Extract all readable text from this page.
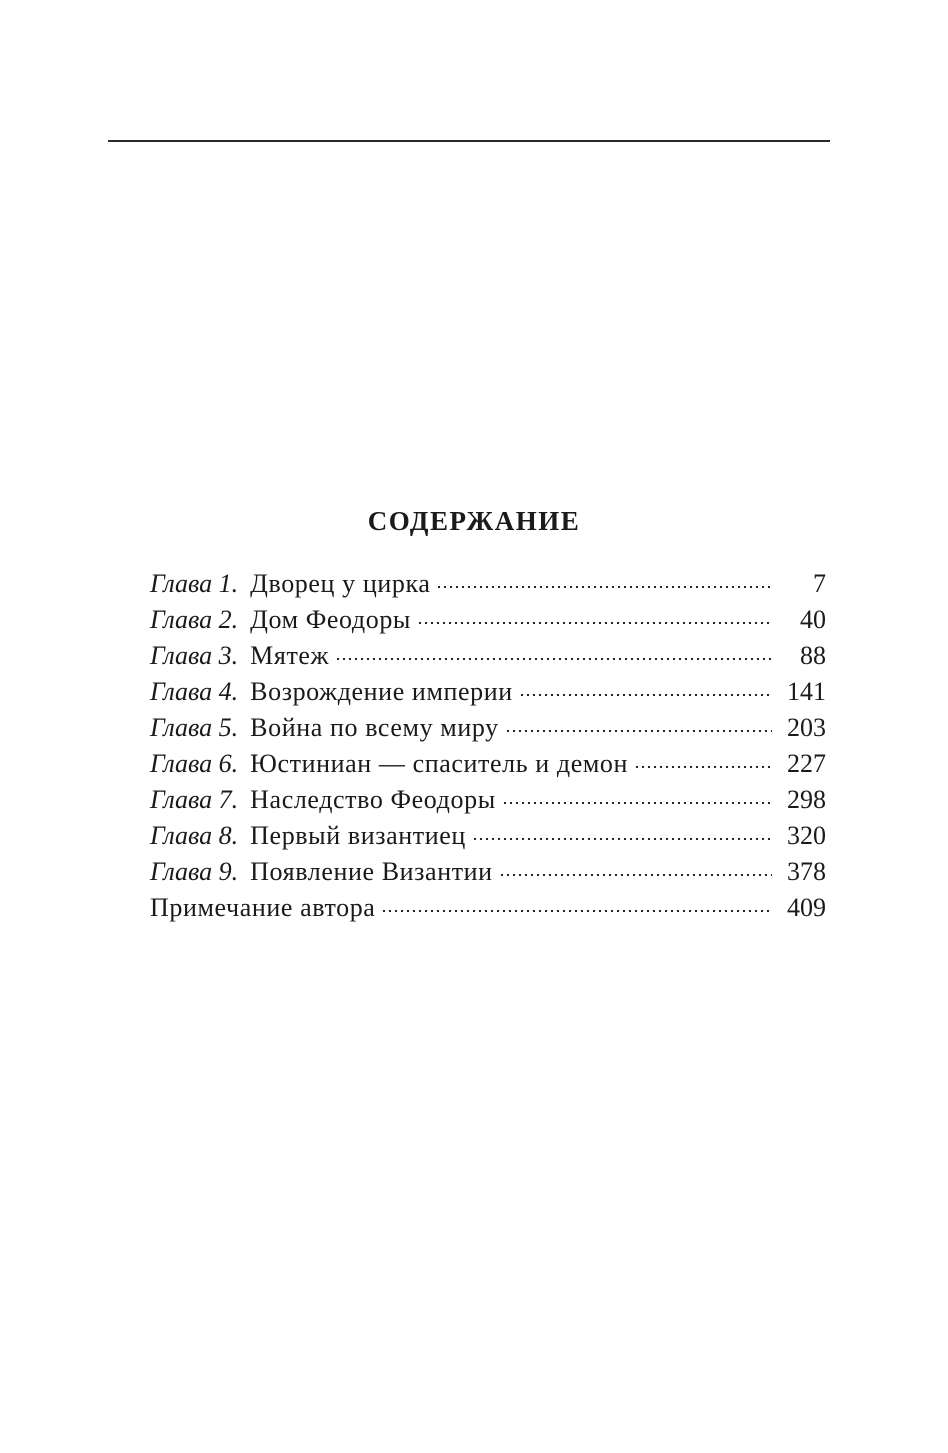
СОДЕРЖАНИЕ
Глава 1. Дворец у цирка	7
Глава 2. Дом Феодоры	40
Глава 3. Мятеж	88
Глава 4. Возрождение империи	141
Глава 5. Война по всему миру	203
Глава 6. Юстиниан — спаситель и демон	227
Глава 7. Наследство Феодоры	298
Глава 8. Первый византиец	320
Глава 9. Появление Византии	378
Примечание автора	409
